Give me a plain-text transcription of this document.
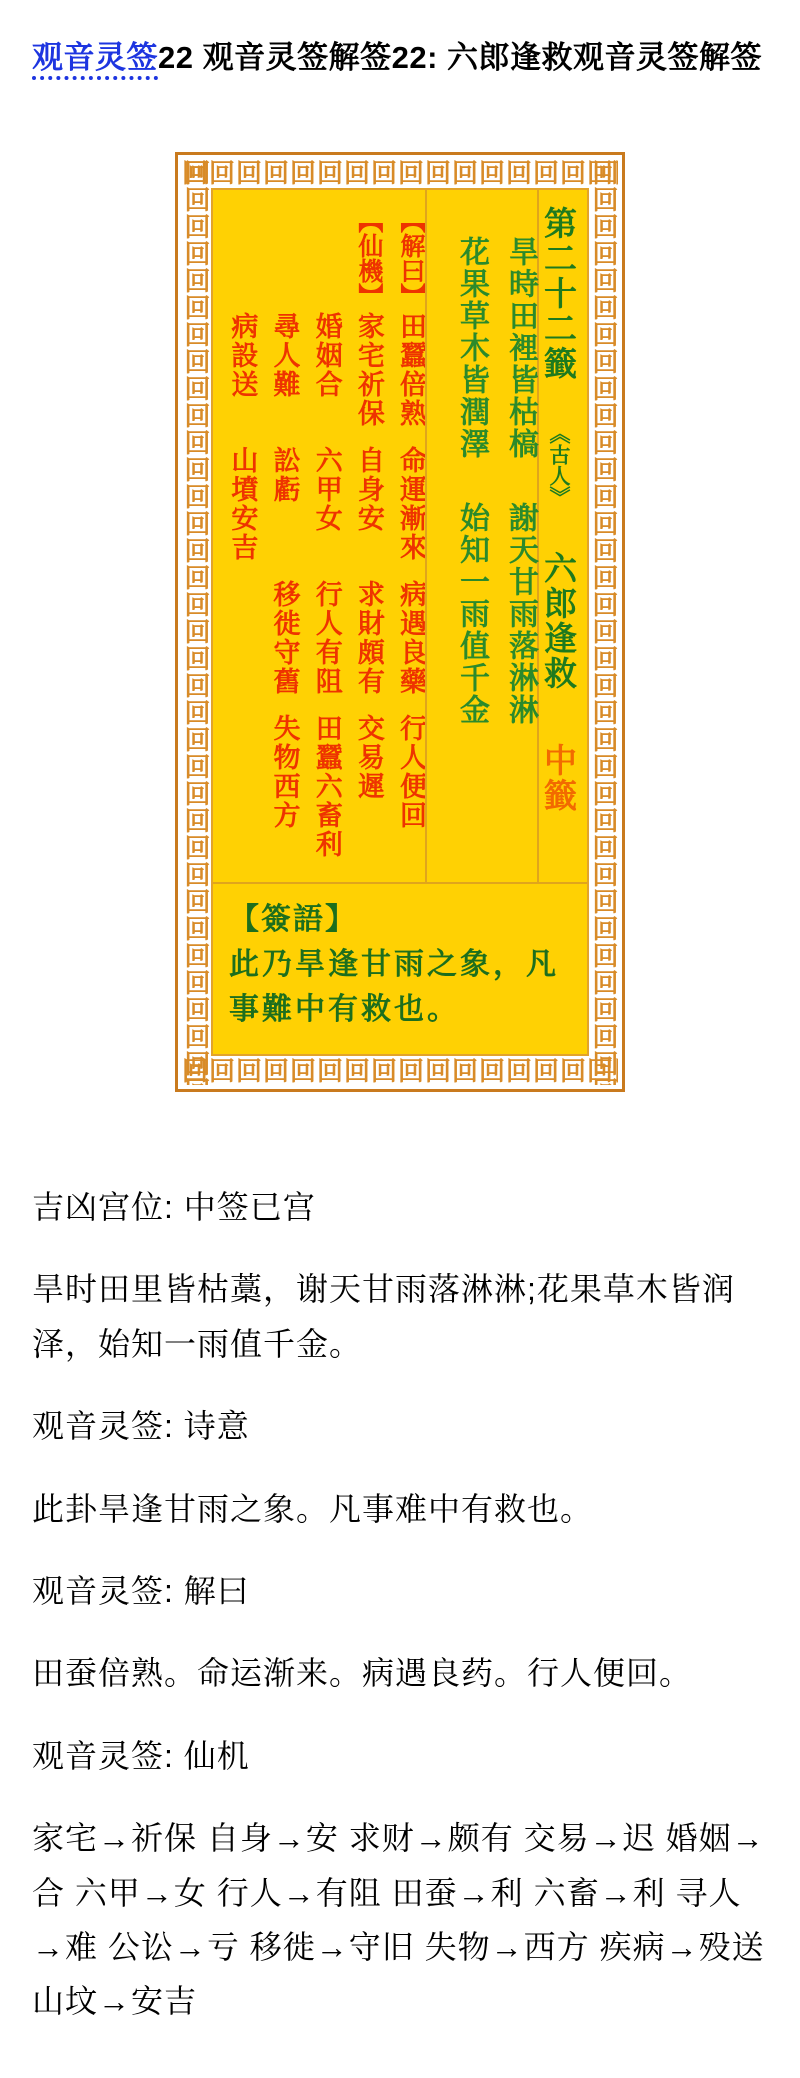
观音灵签22 观音灵签解签22: 六郎逢救观音灵签解签
回回回回回回回回回回回回回回回回回回回回回回回回回回回回回回回回回回回回回回回回
回回回回回回回回回回回回回回回回回回回回回回回回回回回回回回回回回回回回回回回回
回回回回回回回回回回回回回回回回回回回回回回回回回回回回回回回回回回回回回回回回
回回回回回回回回回回回回回回回回回回回回回回回回回回回回回回回回回回回回回回回回
【解曰】田蠶倍熟命運漸來病遇良藥行人便回
【仙機】家宅祈保自身安求財頗有交易遲
婚姻合六甲女行人有阻田蠶六畜利
尋人難訟虧移徙守舊失物西方
病設送山墳安吉
旱時田裡皆枯槁謝天甘雨落淋淋
花果草木皆潤澤始知一雨值千金
第二十二籤《古人》六郎逢救中籤
【簽語】
此乃旱逢甘雨之象，凡事難中有救也。

吉凶宫位: 中签已宫

旱时田里皆枯藁，谢天甘雨落淋淋;花果草木皆润泽，始知一雨值千金。

观音灵签: 诗意

此卦旱逢甘雨之象。凡事难中有救也。

观音灵签: 解曰

田蚕倍熟。命运渐来。病遇良药。行人便回。

观音灵签: 仙机

家宅→祈保 自身→安 求财→颇有 交易→迟 婚姻→合 六甲→女 行人→有阻 田蚕→利 六畜→利 寻人→难 公讼→亏 移徙→守旧 失物→西方 疾病→殁送 山坟→安吉
